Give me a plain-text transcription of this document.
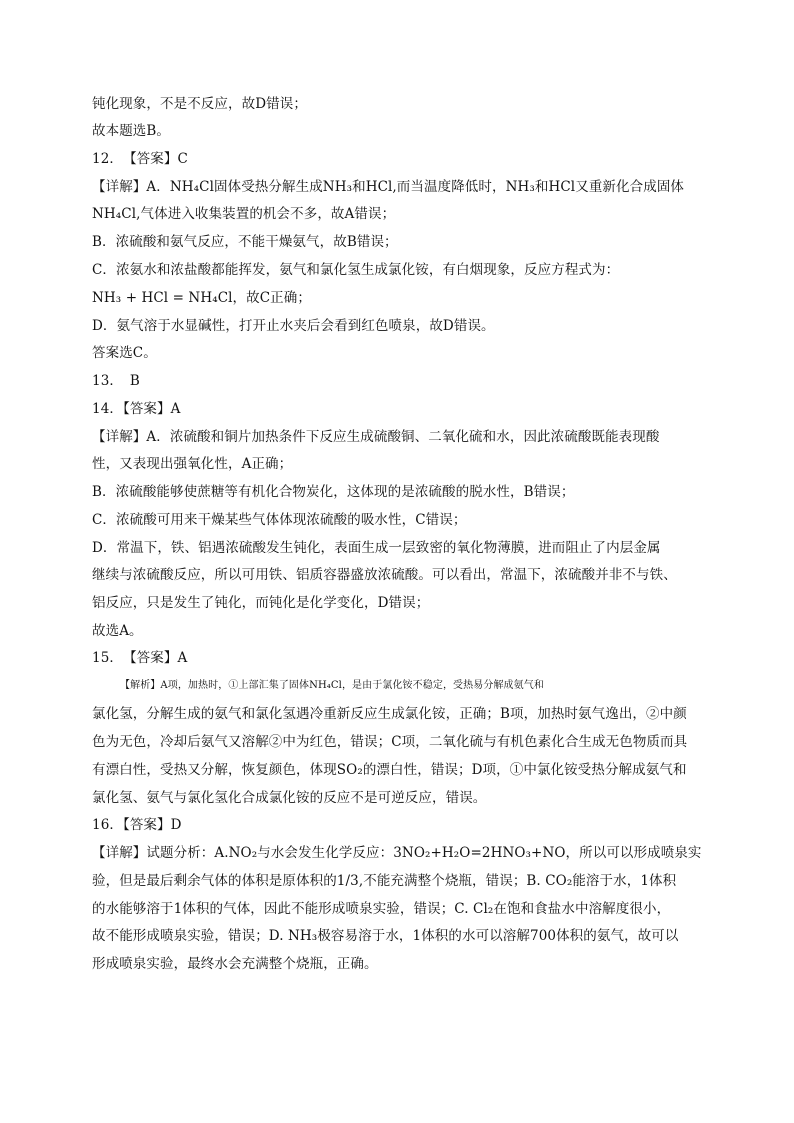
钝化现象，不是不反应，故D错误；
故本题选B。
12．　【答案】C
【详解】A．NH₄Cl固体受热分解生成NH₃和HCl,而当温度降低时，NH₃和HCl又重新化合成固体
NH₄Cl,气体进入收集装置的机会不多，故A错误；
B．浓硫酸和氨气反应，不能干燥氨气，故B错误；
C．浓氨水和浓盐酸都能挥发，氨气和氯化氢生成氯化铵，有白烟现象，反应方程式为：
NH₃ + HCl = NH₄Cl，故C正确；
D．氨气溶于水显碱性，打开止水夹后会看到红色喷泉，故D错误。
答案选C。
13．　B
14．【答案】A
【详解】A．浓硫酸和铜片加热条件下反应生成硫酸铜、二氧化硫和水，因此浓硫酸既能表现酸
性，又表现出强氧化性，A正确；
B．浓硫酸能够使蔗糖等有机化合物炭化，这体现的是浓硫酸的脱水性，B错误；
C．浓硫酸可用来干燥某些气体体现浓硫酸的吸水性，C错误；
D．常温下，铁、铝遇浓硫酸发生钝化，表面生成一层致密的氧化物薄膜，进而阻止了内层金属
继续与浓硫酸反应，所以可用铁、铝质容器盛放浓硫酸。可以看出，常温下，浓硫酸并非不与铁、
铝反应，只是发生了钝化，而钝化是化学变化，D错误；
故选A。
15．　【答案】A
【解析】A项，加热时，①上部汇集了固体NH₄Cl，是由于氯化铵不稳定，受热易分解成氨气和
氯化氢，分解生成的氨气和氯化氢遇冷重新反应生成氯化铵，正确；B项，加热时氨气逸出，②中颜
色为无色，冷却后氨气又溶解②中为红色，错误；C项，二氧化硫与有机色素化合生成无色物质而具
有漂白性，受热又分解，恢复颜色，体现SO₂的漂白性，错误；D项，①中氯化铵受热分解成氨气和
氯化氢、氨气与氯化氢化合成氯化铵的反应不是可逆反应，错误。
16．【答案】D
【详解】试题分析：A.NO₂与水会发生化学反应：3NO₂+H₂O=2HNO₃+NO，所以可以形成喷泉实
验，但是最后剩余气体的体积是原体积的1/3,不能充满整个烧瓶，错误；B. CO₂能溶于水，1体积
的水能够溶于1体积的气体，因此不能形成喷泉实验，错误；C. Cl₂在饱和食盐水中溶解度很小，
故不能形成喷泉实验，错误；D. NH₃极容易溶于水，1体积的水可以溶解700体积的氨气，故可以
形成喷泉实验，最终水会充满整个烧瓶，正确。
